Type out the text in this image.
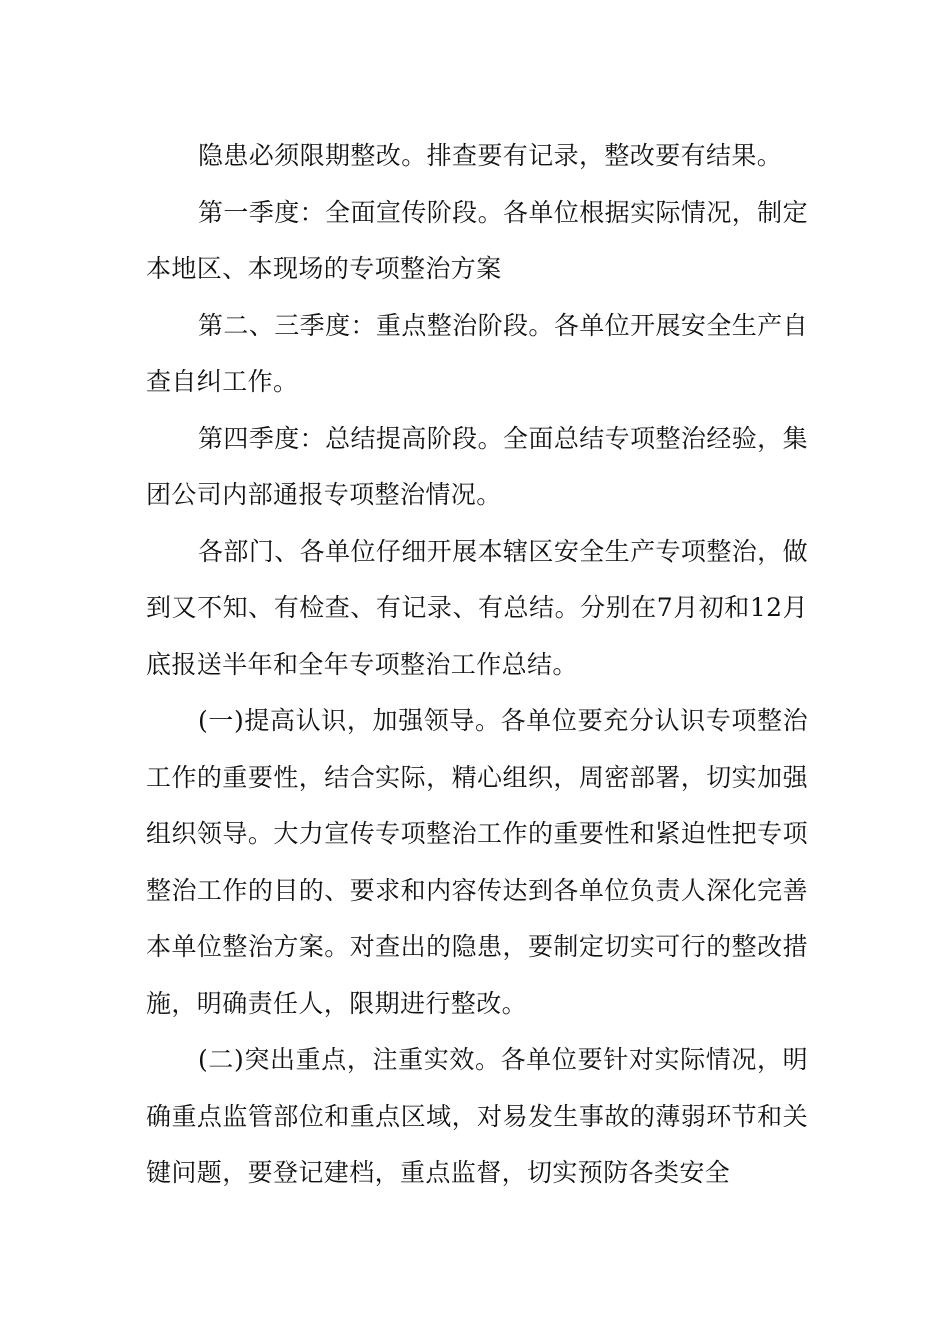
隐患必须限期整改。排查要有记录，整改要有结果。

第一季度：全面宣传阶段。各单位根据实际情况，制定本地区、本现场的专项整治方案

第二、三季度：重点整治阶段。各单位开展安全生产自查自纠工作。

第四季度：总结提高阶段。全面总结专项整治经验，集团公司内部通报专项整治情况。

各部门、各单位仔细开展本辖区安全生产专项整治，做到又不知、有检查、有记录、有总结。分别在7月初和12月底报送半年和全年专项整治工作总结。

(一)提高认识，加强领导。各单位要充分认识专项整治工作的重要性，结合实际，精心组织，周密部署，切实加强组织领导。大力宣传专项整治工作的重要性和紧迫性把专项整治工作的目的、要求和内容传达到各单位负责人深化完善本单位整治方案。对查出的隐患，要制定切实可行的整改措施，明确责任人，限期进行整改。

(二)突出重点，注重实效。各单位要针对实际情况，明确重点监管部位和重点区域，对易发生事故的薄弱环节和关键问题，要登记建档，重点监督，切实预防各类安全
